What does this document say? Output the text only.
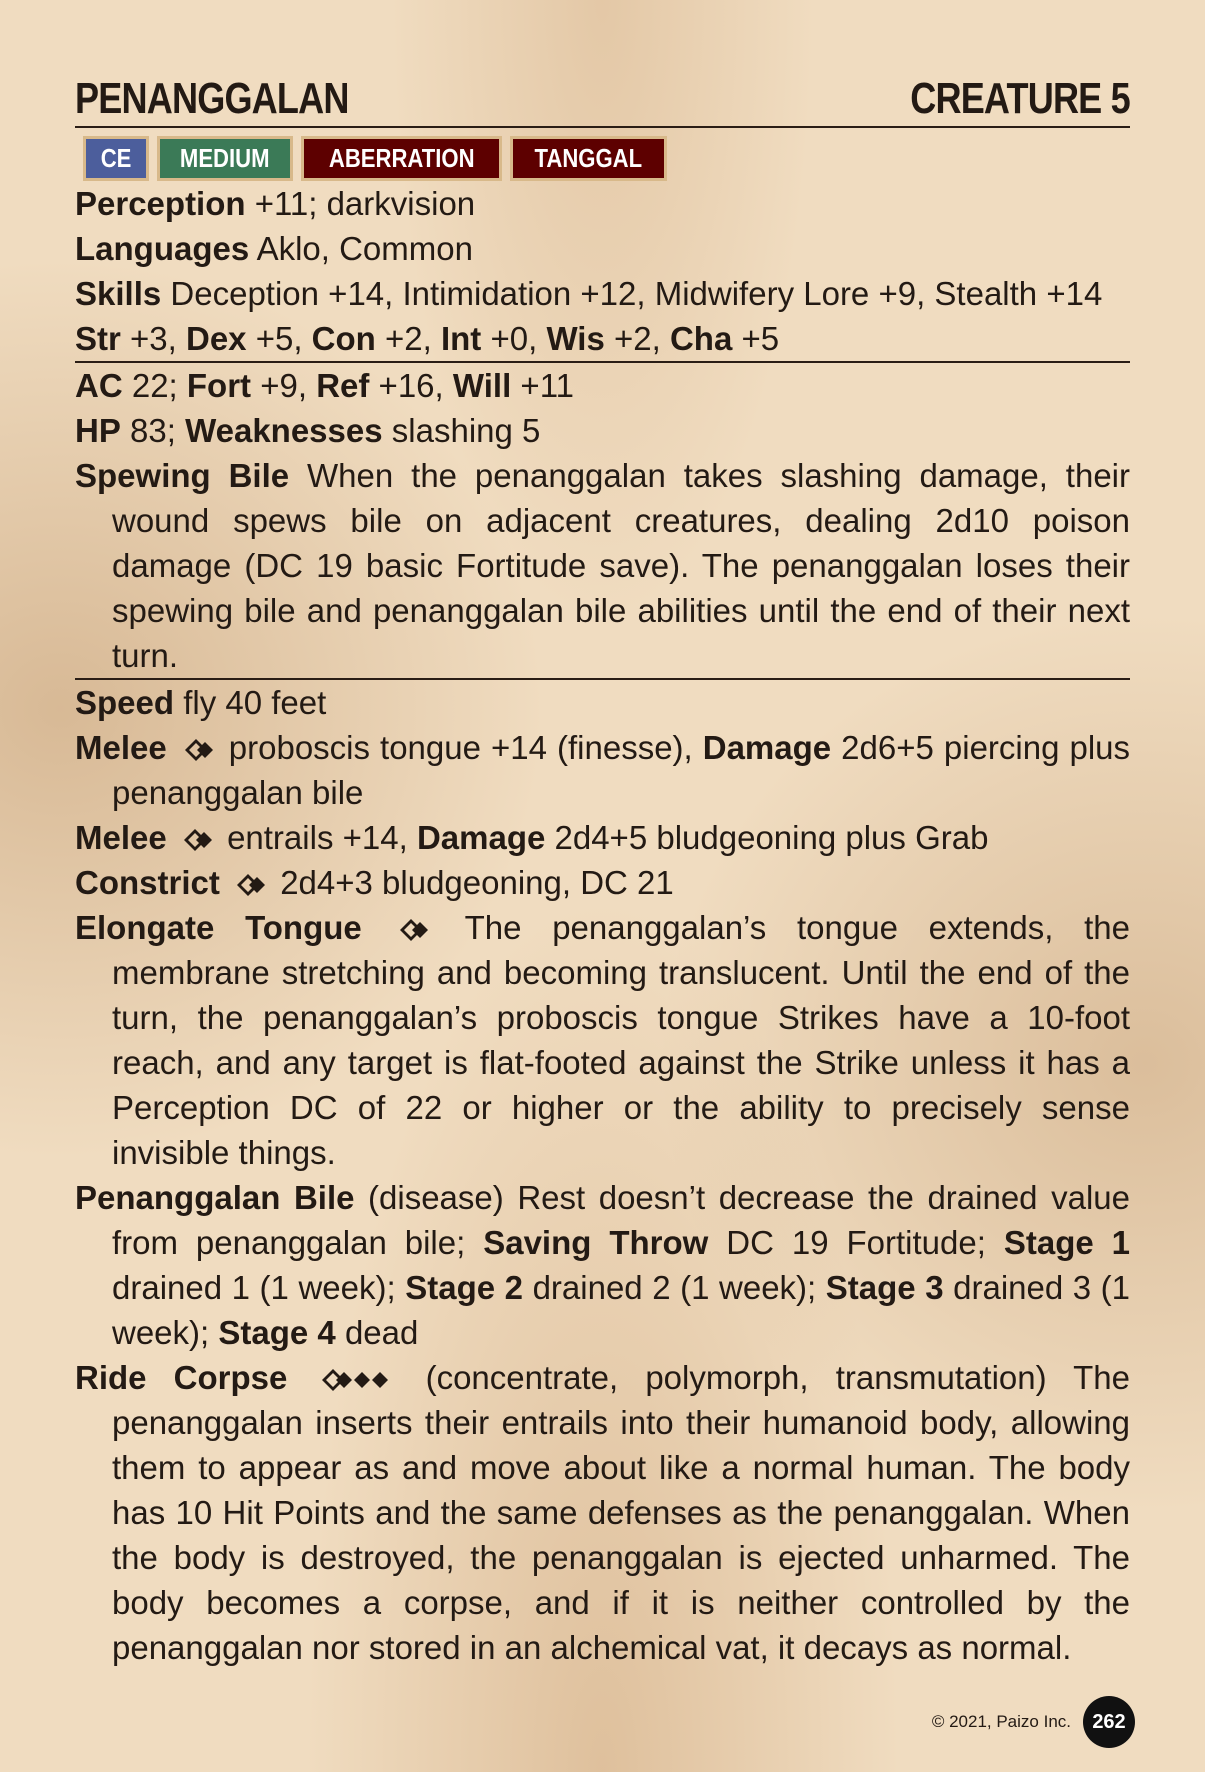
PENANGGALAN	CREATURE 5
CE MEDIUM ABERRATION TANGGAL
Perception +11; darkvision
Languages Aklo, Common
Skills Deception +14, Intimidation +12, Midwifery Lore +9, Stealth +14
Str +3, Dex +5, Con +2, Int +0, Wis +2, Cha +5
AC 22; Fort +9, Ref +16, Will +11
HP 83; Weaknesses slashing 5
Spewing Bile When the penanggalan takes slashing damage, their wound spews bile on adjacent creatures, dealing 2d10 poison damage (DC 19 basic Fortitude save). The penanggalan loses their spewing bile and penanggalan bile abilities until the end of their next turn.
Speed fly 40 feet
Melee proboscis tongue +14 (finesse), Damage 2d6+5 piercing plus penanggalan bile
Melee entrails +14, Damage 2d4+5 bludgeoning plus Grab
Constrict 2d4+3 bludgeoning, DC 21
Elongate Tongue	The penanggalan’s tongue extends, the membrane stretching and becoming translucent. Until the end of the turn, the penanggalan’s proboscis tongue Strikes have a 10-foot reach, and any target is flat-footed against the Strike unless it has a Perception DC of 22 or higher or the ability to precisely sense invisible things.
Penanggalan Bile (disease) Rest doesn’t decrease the drained value from penanggalan bile; Saving Throw DC 19 Fortitude; Stage 1 drained 1 (1 week); Stage 2 drained 2 (1 week); Stage 3 drained 3 (1 week); Stage 4 dead
Ride Corpse	(concentrate, polymorph, transmutation) The penanggalan inserts their entrails into their humanoid body, allowing them to appear as and move about like a normal human. The body has 10 Hit Points and the same defenses as the penanggalan. When the body is destroyed, the penanggalan is ejected unharmed. The body becomes a corpse, and if it is neither controlled by the penanggalan nor stored in an alchemical vat, it decays as normal.
© 2021, Paizo Inc.	262
